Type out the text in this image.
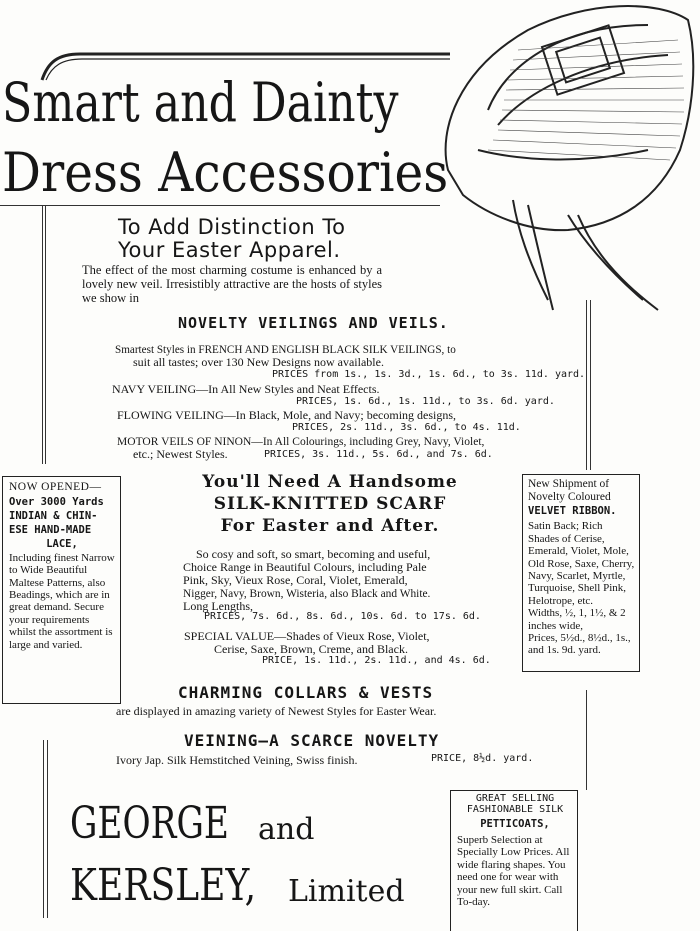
Smart and Dainty
Dress Accessories
To Add Distinction To
Your Easter Apparel.
The effect of the most charming costume is enhanced by a lovely new veil. Irresistibly attractive are the hosts of styles we show in
NOVELTY VEILINGS AND VEILS.
Smartest Styles in FRENCH AND ENGLISH BLACK SILK VEILINGS, to
suit all tastes; over 130 New Designs now available.
PRICES from 1s., 1s. 3d., 1s. 6d., to 3s. 11d. yard.
NAVY VEILING—In All New Styles and Neat Effects.
PRICES, 1s. 6d., 1s. 11d., to 3s. 6d. yard.
FLOWING VEILING—In Black, Mole, and Navy; becoming designs,
PRICES, 2s. 11d., 3s. 6d., to 4s. 11d.
MOTOR VEILS OF NINON—In All Colourings, including Grey, Navy, Violet,
etc.; Newest Styles.	PRICES, 3s. 11d., 5s. 6d., and 7s. 6d.
NOW OPENED—
Over 3000 Yards
INDIAN & CHIN-
ESE HAND-MADE
LACE,
Including finest Narrow to Wide Beautiful Maltese Patterns, also Beadings, which are in great demand. Secure your requirements whilst the assortment is large and varied.
New Shipment of
Novelty Coloured
VELVET RIBBON.
Satin Back; Rich Shades of Cerise, Emerald, Violet, Mole, Old Rose, Saxe, Cherry, Navy, Scarlet, Myrtle, Turquoise, Shell Pink, Helotrope, etc.
Widths, ½, 1, 1½, & 2 inches wide,
Prices, 5½d., 8½d., 1s., and 1s. 9d. yard.
You'll Need A Handsome
SILK-KNITTED SCARF
For Easter and After.
So cosy and soft, so smart, becoming and useful,
Choice Range in Beautiful Colours, including Pale
Pink, Sky, Vieux Rose, Coral, Violet, Emerald,
Nigger, Navy, Brown, Wisteria, also Black and White.
Long Lengths,
PRICES, 7s. 6d., 8s. 6d., 10s. 6d. to 17s. 6d.
SPECIAL VALUE—Shades of Vieux Rose, Violet,
Cerise, Saxe, Brown, Creme, and Black.
PRICE, 1s. 11d., 2s. 11d., and 4s. 6d.
CHARMING COLLARS & VESTS
are displayed in amazing variety of Newest Styles for Easter Wear.
VEINING—A SCARCE NOVELTY
Ivory Jap. Silk Hemstitched Veining, Swiss finish.	PRICE, 8½d. yard.
GREAT SELLING
FASHIONABLE SILK
PETTICOATS,
Superb Selection at Specially Low Prices. All wide flaring shapes. You need one for wear with your new full skirt. Call To-day.
GEORGE and
KERSLEY, Limited
